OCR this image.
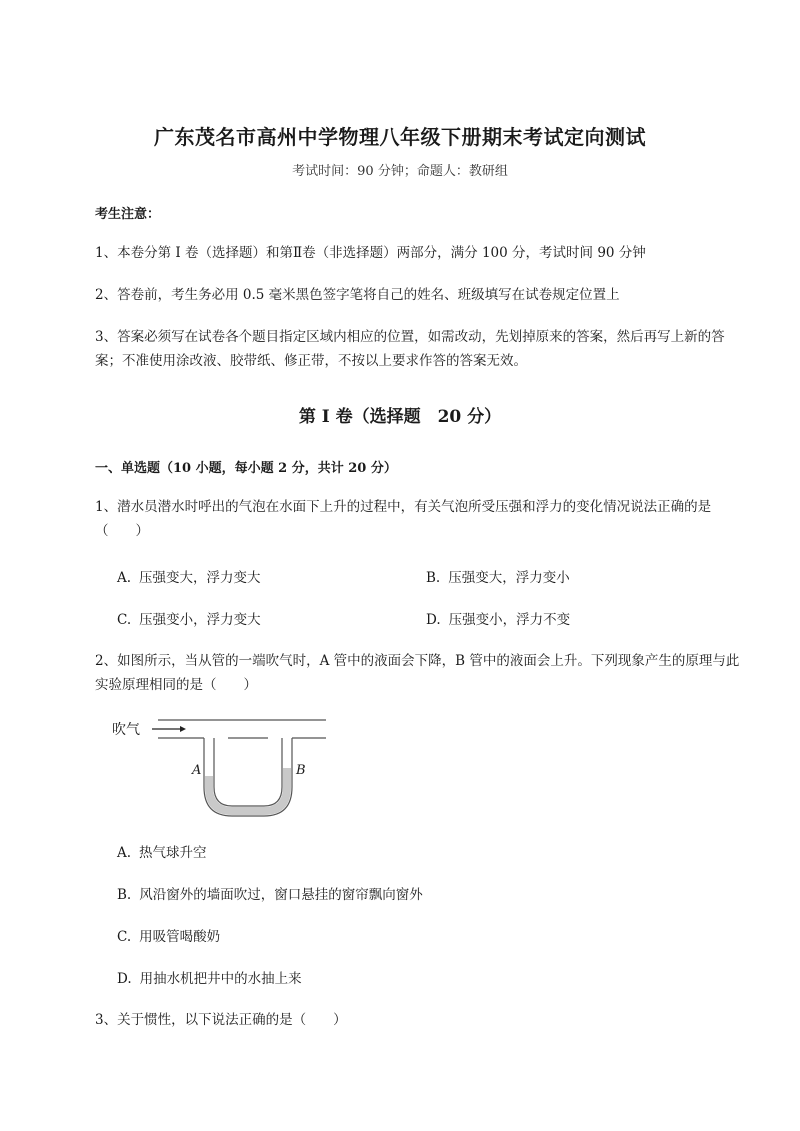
广东茂名市高州中学物理八年级下册期末考试定向测试
考试时间：90 分钟；命题人：教研组
考生注意：
1、本卷分第 I 卷（选择题）和第Ⅱ卷（非选择题）两部分，满分 100 分，考试时间 90 分钟
2、答卷前，考生务必用 0.5 毫米黑色签字笔将自己的姓名、班级填写在试卷规定位置上
3、答案必须写在试卷各个题目指定区域内相应的位置，如需改动，先划掉原来的答案，然后再写上新的答案；不准使用涂改液、胶带纸、修正带，不按以上要求作答的答案无效。
第 I 卷（选择题　20 分）
一、单选题（10 小题，每小题 2 分，共计 20 分）
1、潜水员潜水时呼出的气泡在水面下上升的过程中，有关气泡所受压强和浮力的变化情况说法正确的是（　　）
A. 压强变大，浮力变大	B. 压强变大，浮力变小
C. 压强变小，浮力变大	D. 压强变小，浮力不变
2、如图所示，当从管的一端吹气时，A 管中的液面会下降，B 管中的液面会上升。下列现象产生的原理与此实验原理相同的是（　　）
吹气
A	B
A. 热气球升空
B. 风沿窗外的墙面吹过，窗口悬挂的窗帘飘向窗外
C. 用吸管喝酸奶
D. 用抽水机把井中的水抽上来
3、关于惯性，以下说法正确的是（　　）
